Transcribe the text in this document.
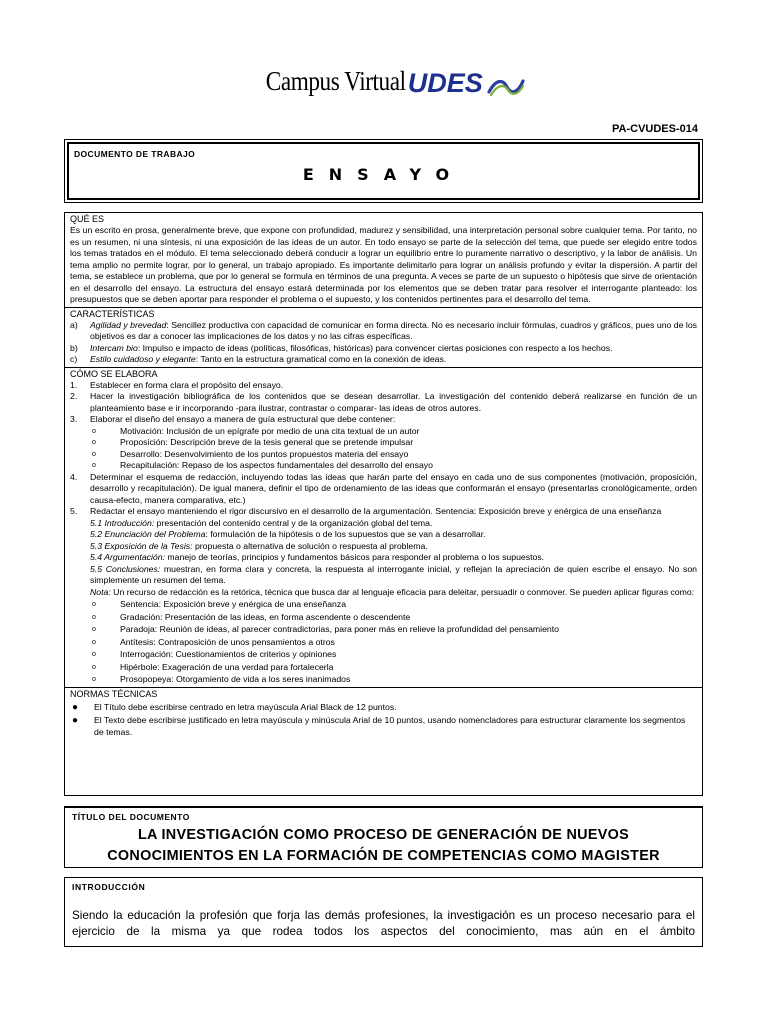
Campus Virtual UDES
PA-CVUDES-014
DOCUMENTO DE TRABAJO
ENSAYO
QUÉ ES
Es un escrito en prosa, generalmente breve, que expone con profundidad, madurez y sensibilidad, una interpretación personal sobre cualquier tema. Por tanto, no es un resumen, ni una síntesis, ni una exposición de las ideas de un autor. En todo ensayo se parte de la selección del tema, que puede ser elegido entre todos los temas tratados en el módulo. El tema seleccionado deberá conducir a lograr un equilibrio entre lo puramente narrativo o descriptivo, y la labor de análisis. Un tema amplio no permite lograr, por lo general, un trabajo apropiado. Es importante delimitarlo para lograr un análisis profundo y evitar la dispersión. A partir del tema, se establece un problema, que por lo general se formula en términos de una pregunta. A veces se parte de un supuesto o hipótesis que sirve de orientación en el desarrollo del ensayo. La estructura del ensayo estará determinada por los elementos que se deben tratar para resolver el interrogante planteado: los presupuestos que se deben aportar para responder el problema o el supuesto, y los contenidos pertinentes para el desarrollo del tema.
CARACTERÍSTICAS
a)	Agilidad y brevedad: Sencillez productiva con capacidad de comunicar en forma directa. No es necesario incluir fórmulas, cuadros y gráficos, pues uno de los objetivos es dar a conocer las implicaciones de los datos y no las cifras específicas.
b)	Intercam bio: Impulso e impacto de ideas (políticas, filosóficas, históricas) para convencer ciertas posiciones con respecto a los hechos.
c)	Estilo cuidadoso y elegante: Tanto en la estructura gramatical como en la conexión de ideas.
CÓMO SE ELABORA
1.	Establecer en forma clara el propósito del ensayo.
2.	Hacer la investigación bibliográfica de los contenidos que se desean desarrollar. La investigación del contenido deberá realizarse en función de un planteamiento base e ir incorporando -para ilustrar, contrastar o comparar- las ideas de otros autores.
3.	Elaborar el diseño del ensayo a manera de guía estructural que debe contener:
o	Motivación: Inclusión de un epígrafe por medio de una cita textual de un autor
o	Proposición: Descripción breve de la tesis general que se pretende impulsar
o	Desarrollo: Desenvolvimiento de los puntos propuestos materia del ensayo
o	Recapitulación: Repaso de los aspectos fundamentales del desarrollo del ensayo
4.	Determinar el esquema de redacción, incluyendo todas las ideas que harán parte del ensayo en cada uno de sus componentes (motivación, proposición, desarrollo y recapitulación). De igual manera, definir el tipo de ordenamiento de las ideas que conformarán el ensayo (presentarlas cronológicamente, orden causa-efecto, manera comparativa, etc.)
5.	Redactar el ensayo manteniendo el rigor discursivo en el desarrollo de la argumentación. Sentencia: Exposición breve y enérgica de una enseñanza
5.1 Introducción: presentación del contenido central y de la organización global del tema.
5.2 Enunciación del Problema: formulación de la hipótesis o de los supuestos que se van a desarrollar.
5.3 Exposición de la Tesis: propuesta o alternativa de solución o respuesta al problema.
5.4 Argumentación: manejo de teorías, principios y fundamentos básicos para responder al problema o los supuestos.
5.5 Conclusiones: muestran, en forma clara y concreta, la respuesta al interrogante inicial, y reflejan la apreciación de quien escribe el ensayo. No son simplemente un resumen del tema.
Nota: Un recurso de redacción es la retórica, técnica que busca dar al lenguaje eficacia para deleitar, persuadir o conmover. Se pueden aplicar figuras como:
o	Sentencia: Exposición breve y enérgica de una enseñanza
o	Gradación: Presentación de las ideas, en forma ascendente o descendente
o	Paradoja: Reunión de ideas, al parecer contradictorias, para poner más en relieve la profundidad del pensamiento
o	Antítesis: Contraposición de unos pensamientos a otros
o	Interrogación: Cuestionamientos de criterios y opiniones
o	Hipérbole: Exageración de una verdad para fortalecerla
o	Prosopopeya: Otorgamiento de vida a los seres inanimados
NORMAS TÉCNICAS
●	El Título debe escribirse centrado en letra mayúscula Arial Black de 12 puntos.
●	El Texto debe escribirse justificado en letra mayúscula y minúscula Arial de 10 puntos, usando nomencladores para estructurar claramente los segmentos de temas.
TÍTULO DEL DOCUMENTO
LA INVESTIGACIÓN COMO PROCESO DE GENERACIÓN DE NUEVOS
CONOCIMIENTOS EN LA FORMACIÓN DE COMPETENCIAS COMO MAGISTER
INTRODUCCIÓN
Siendo la educación la profesión que forja las demás profesiones, la investigación es un proceso necesario para el ejercicio de la misma ya que rodea todos los aspectos del conocimiento, mas aún en el ámbito
